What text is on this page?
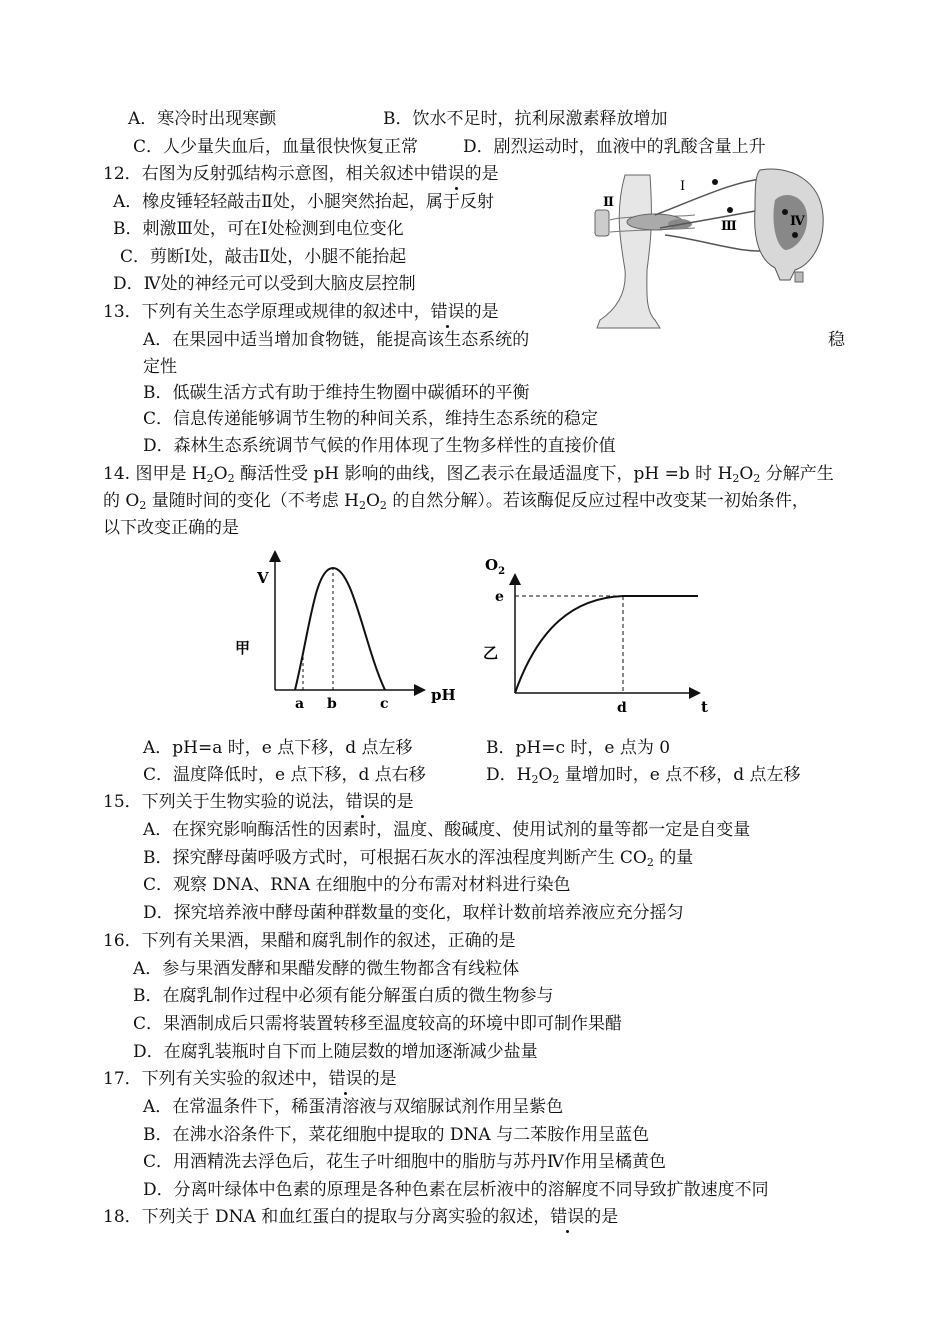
A．寒冷时出现寒颤	B．饮水不足时，抗利尿激素释放增加
C．人少量失血后，血量很快恢复正常	D．剧烈运动时，血液中的乳酸含量上升
12．右图为反射弧结构示意图，相关叙述中错误的是
A．橡皮锤轻轻敲击Ⅱ处，小腿突然抬起，属于反射
B．刺激Ⅲ处，可在Ⅰ处检测到电位变化
C．剪断Ⅰ处，敲击Ⅱ处，小腿不能抬起
D．Ⅳ处的神经元可以受到大脑皮层控制
Ⅰ
Ⅱ
Ⅲ	Ⅳ
13．下列有关生态学原理或规律的叙述中，错误的是
A．在果园中适当增加食物链，能提高该生态系统的	稳
定性
B．低碳生活方式有助于维持生物圈中碳循环的平衡
C．信息传递能够调节生物的种间关系，维持生态系统的稳定
D．森林生态系统调节气候的作用体现了生物多样性的直接价值
14. 图甲是 $H_2O_2$ 酶活性受 pH 影响的曲线，图乙表示在最适温度下，pH =b 时 $H_2O_2$ 分解产生
的 $O_2$ 量随时间的变化（不考虑 $H_2O_2$ 的自然分解）。若该酶促反应过程中改变某一初始条件，
以下改变正确的是
V
甲
pH
a b	c
$O_2$
e
乙
d	t
A．pH=a 时，e 点下移，d 点左移	B．pH=c 时，e 点为 0
C．温度降低时，e 点下移，d 点右移	D．$H_2O_2$ 量增加时，e 点不移，d 点左移
15．下列关于生物实验的说法，错误的是
A．在探究影响酶活性的因素时，温度、酸碱度、使用试剂的量等都一定是自变量
B．探究酵母菌呼吸方式时，可根据石灰水的浑浊程度判断产生 $CO_2$ 的量
C．观察 DNA、RNA 在细胞中的分布需对材料进行染色
D．探究培养液中酵母菌种群数量的变化，取样计数前培养液应充分摇匀
16．下列有关果酒，果醋和腐乳制作的叙述，正确的是
A．参与果酒发酵和果醋发酵的微生物都含有线粒体
B．在腐乳制作过程中必须有能分解蛋白质的微生物参与
C．果酒制成后只需将装置转移至温度较高的环境中即可制作果醋
D．在腐乳装瓶时自下而上随层数的增加逐渐减少盐量
17．下列有关实验的叙述中，错误的是
A．在常温条件下，稀蛋清溶液与双缩脲试剂作用呈紫色
B．在沸水浴条件下，菜花细胞中提取的 DNA 与二苯胺作用呈蓝色
C．用酒精洗去浮色后，花生子叶细胞中的脂肪与苏丹Ⅳ作用呈橘黄色
D．分离叶绿体中色素的原理是各种色素在层析液中的溶解度不同导致扩散速度不同
18．下列关于 DNA 和血红蛋白的提取与分离实验的叙述，错误的是
